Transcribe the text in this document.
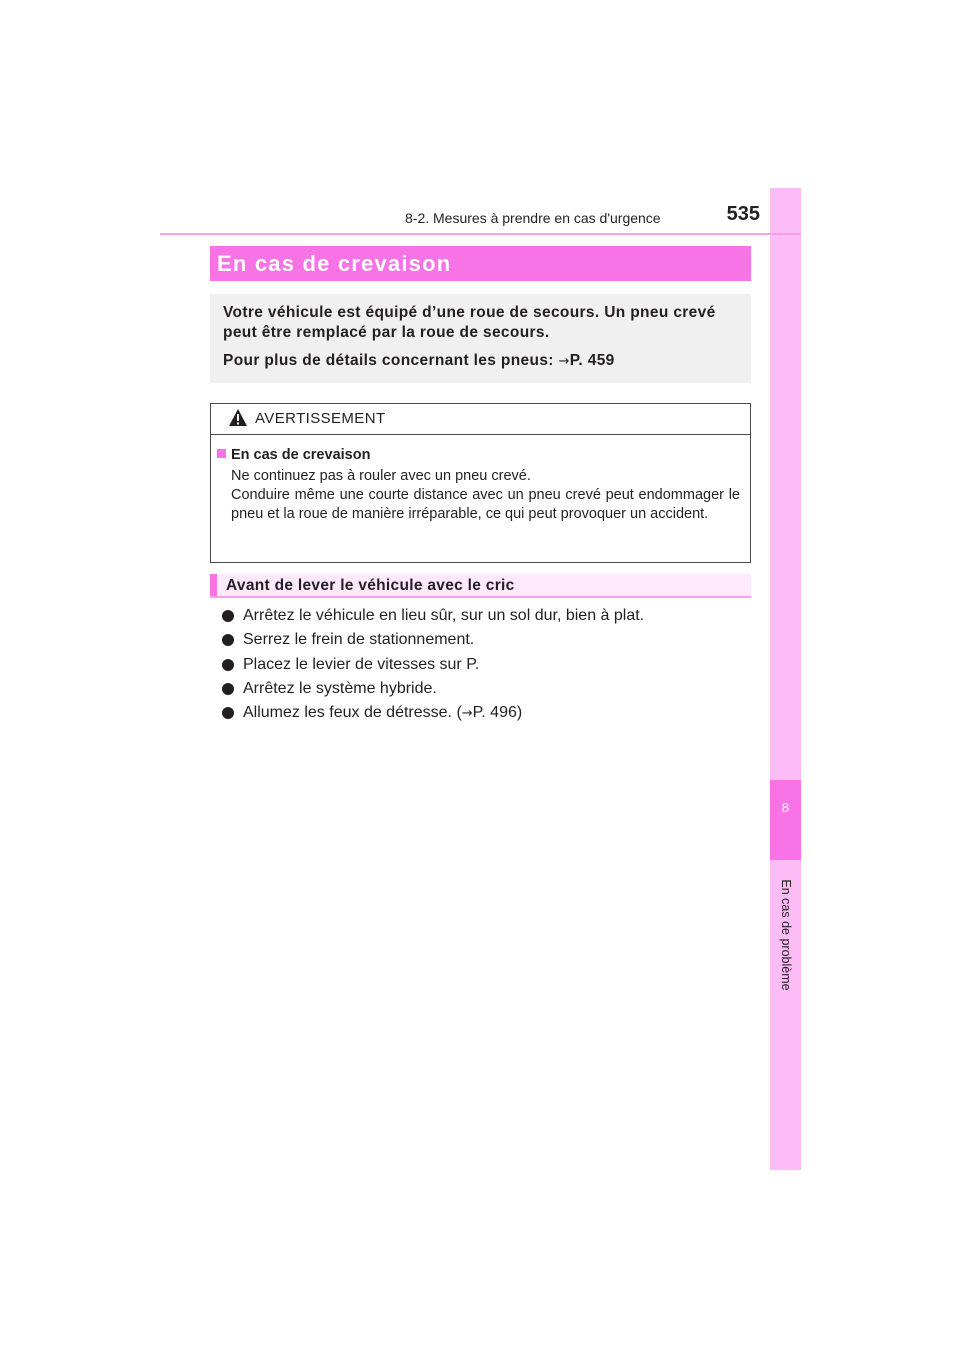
8
En cas de problème
8-2. Mesures à prendre en cas d'urgence	535
En cas de crevaison

Votre véhicule est équipé d’une roue de secours. Un pneu crevé peut être remplacé par la roue de secours.

Pour plus de détails concernant les pneus: →P. 459

AVERTISSEMENT
En cas de crevaison

Ne continuez pas à rouler avec un pneu crevé.

Conduire même une courte distance avec un pneu crevé peut endommager le pneu et la roue de manière irréparable, ce qui peut provoquer un accident.

Avant de lever le véhicule avec le cric
Arrêtez le véhicule en lieu sûr, sur un sol dur, bien à plat.
Serrez le frein de stationnement.
Placez le levier de vitesses sur P.
Arrêtez le système hybride.
Allumez les feux de détresse. (→P. 496)
